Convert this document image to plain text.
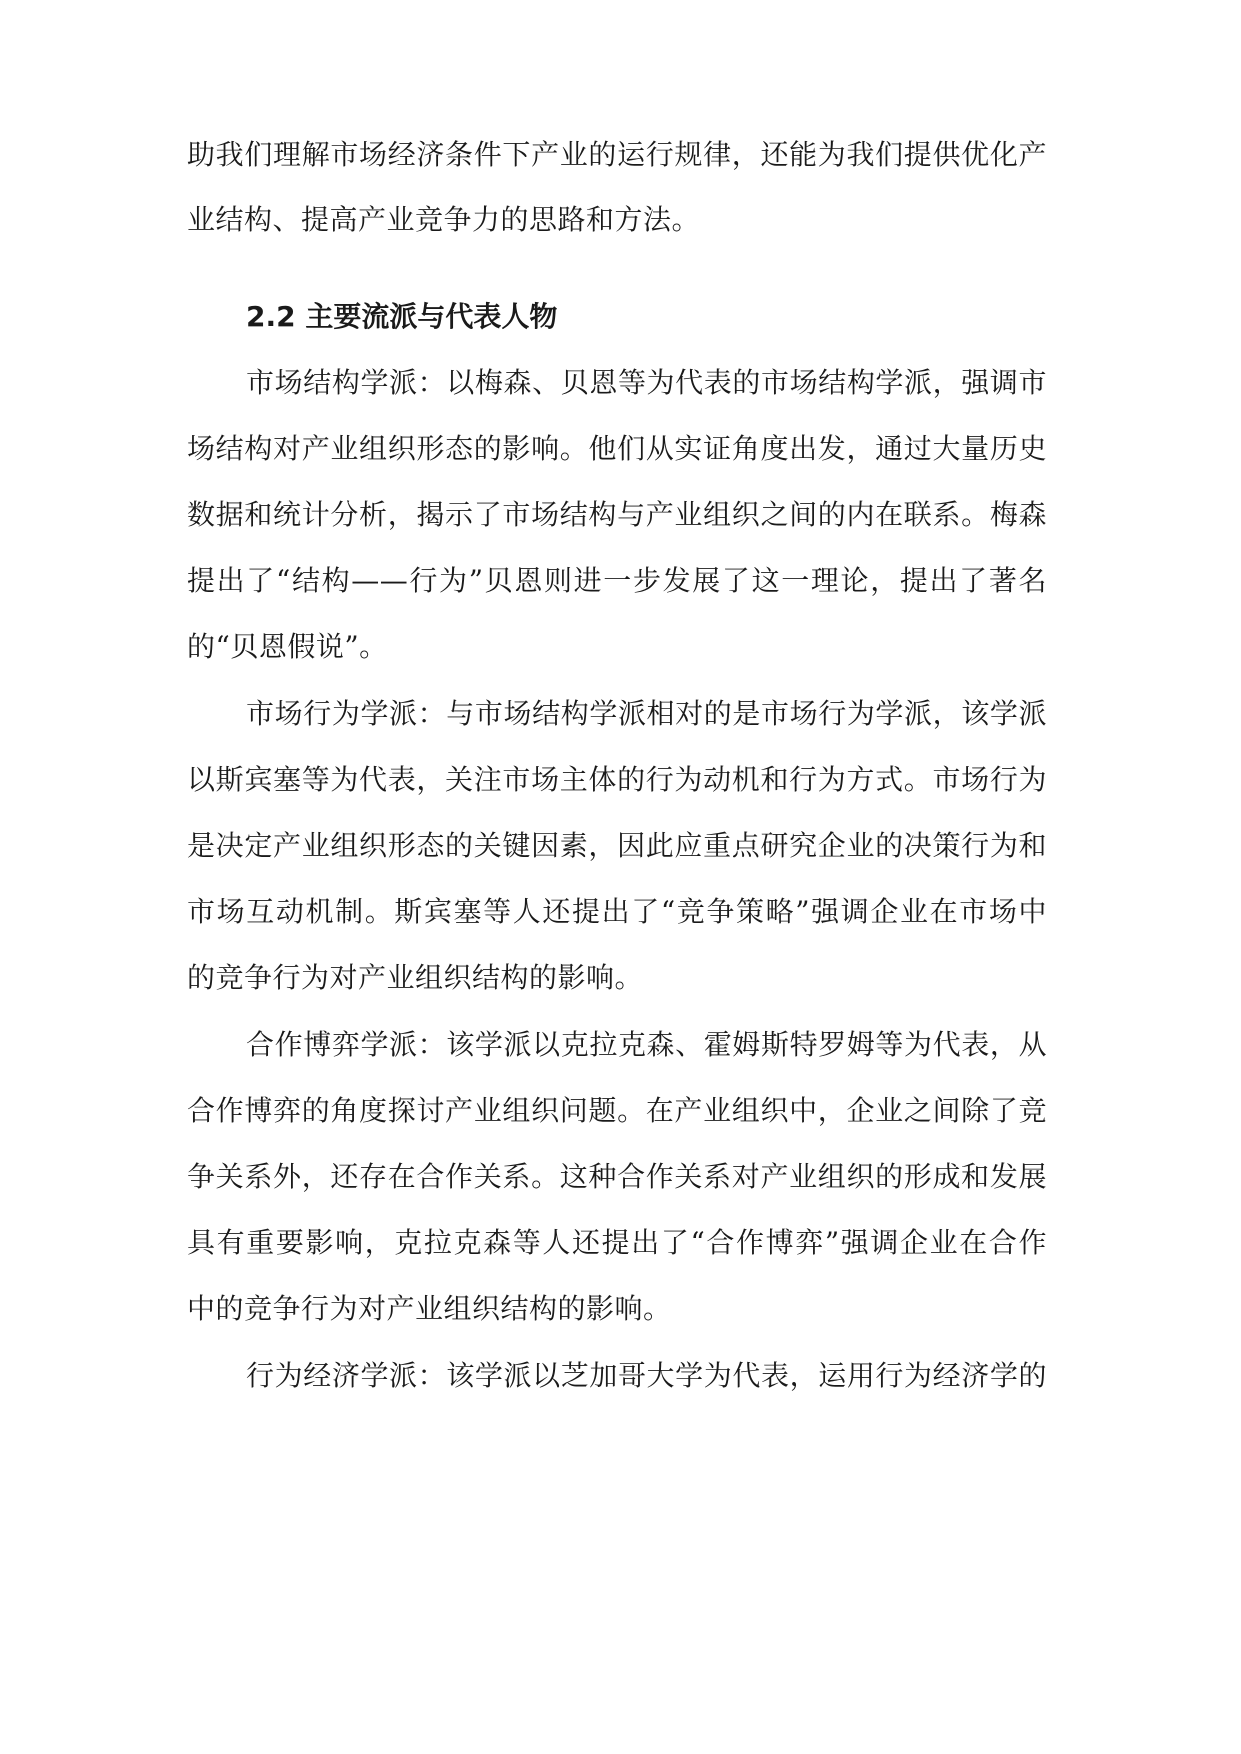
助我们理解市场经济条件下产业的运行规律，还能为我们提供优化产
业结构、提高产业竞争力的思路和方法。
2.2 主要流派与代表人物
市场结构学派：以梅森、贝恩等为代表的市场结构学派，强调市
场结构对产业组织形态的影响。他们从实证角度出发，通过大量历史
数据和统计分析，揭示了市场结构与产业组织之间的内在联系。梅森
提出了“结构——行为”贝恩则进一步发展了这一理论，提出了著名
的“贝恩假说”。
市场行为学派：与市场结构学派相对的是市场行为学派，该学派
以斯宾塞等为代表，关注市场主体的行为动机和行为方式。市场行为
是决定产业组织形态的关键因素，因此应重点研究企业的决策行为和
市场互动机制。斯宾塞等人还提出了“竞争策略”强调企业在市场中
的竞争行为对产业组织结构的影响。
合作博弈学派：该学派以克拉克森、霍姆斯特罗姆等为代表，从
合作博弈的角度探讨产业组织问题。在产业组织中，企业之间除了竞
争关系外，还存在合作关系。这种合作关系对产业组织的形成和发展
具有重要影响，克拉克森等人还提出了“合作博弈”强调企业在合作
中的竞争行为对产业组织结构的影响。
行为经济学派：该学派以芝加哥大学为代表，运用行为经济学的
